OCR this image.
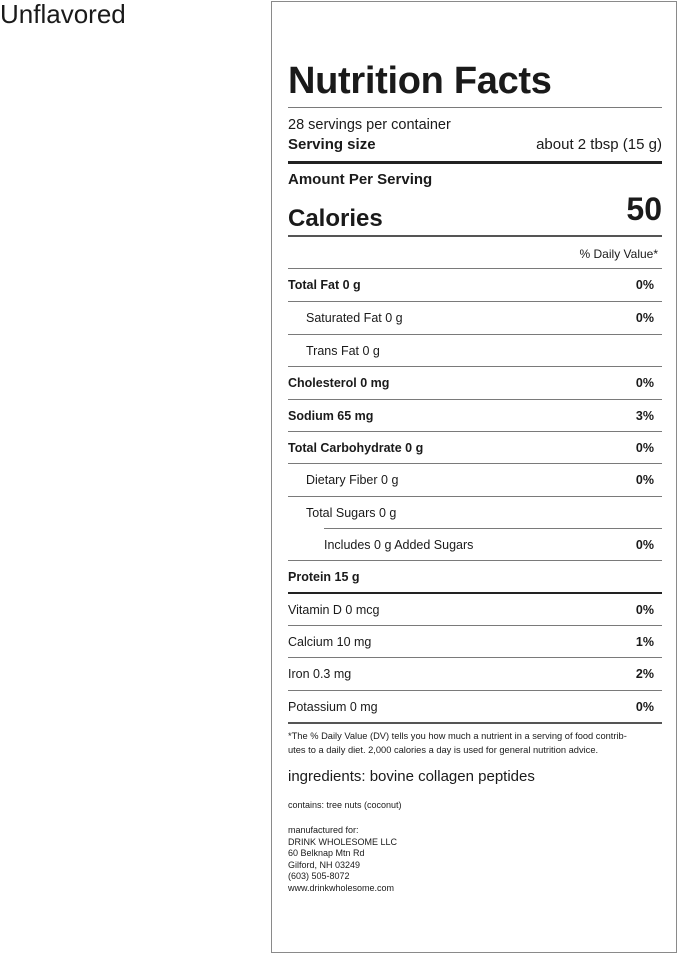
Unflavored
Nutrition Facts
28 servings per container
Serving size	about 2 tbsp (15 g)
Amount Per Serving
Calories	50
% Daily Value*
Total Fat 0 g	0%
Saturated Fat 0 g	0%
Trans Fat 0 g
Cholesterol 0 mg	0%
Sodium 65 mg	3%
Total Carbohydrate 0 g	0%
Dietary Fiber 0 g	0%
Total Sugars 0 g
Includes 0 g Added Sugars	0%
Protein 15 g
Vitamin D 0 mcg	0%
Calcium 10 mg	1%
Iron 0.3 mg	2%
Potassium 0 mg	0%
*The % Daily Value (DV) tells you how much a nutrient in a serving of food contrib-
utes to a daily diet. 2,000 calories a day is used for general nutrition advice.
ingredients: bovine collagen peptides
contains: tree nuts (coconut)
manufactured for:
DRINK WHOLESOME LLC
60 Belknap Mtn Rd
Gilford, NH 03249
(603) 505-8072
www.drinkwholesome.com
